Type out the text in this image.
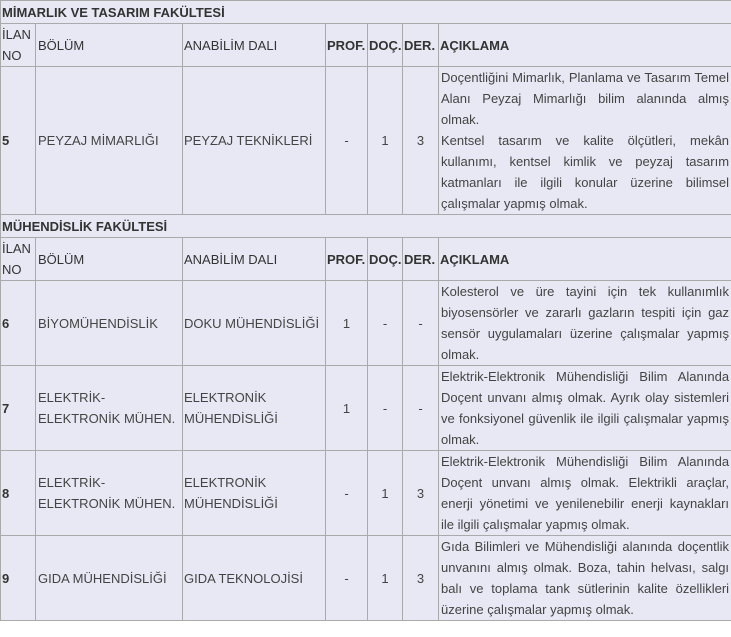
MİMARLIK VE TASARIM FAKÜLTESİ						
İLAN NO	BÖLÜM	ANABİLİM DALI	PROF.	DOÇ.	DER.	AÇIKLAMA
5	PEYZAJ MİMARLIĞI	PEYZAJ TEKNİKLERİ	-	1	3	Doçentliğini Mimarlık, Planlama ve Tasarım Temel Alanı Peyzaj Mimarlığı bilim alanında almış olmak.

Kentsel tasarım ve kalite ölçütleri, mekân kullanımı, kentsel kimlik ve peyzaj tasarım katmanları ile ilgili konular üzerine bilimsel çalışmalar yapmış olmak.

MÜHENDİSLİK FAKÜLTESİ						
İLAN NO	BÖLÜM	ANABİLİM DALI	PROF.	DOÇ.	DER.	AÇIKLAMA
6	BİYOMÜHENDİSLİK	DOKU MÜHENDİSLİĞİ	1	-	-	Kolesterol ve üre tayini için tek kullanımlık biyosensörler ve zararlı gazların tespiti için gaz sensör uygulamaları üzerine çalışmalar yapmış olmak.

7	ELEKTRİK-ELEKTRONİK MÜHEN.	ELEKTRONİK MÜHENDİSLİĞİ	1	-	-	Elektrik-Elektronik Mühendisliği Bilim Alanında Doçent unvanı almış olmak. Ayrık olay sistemleri ve fonksiyonel güvenlik ile ilgili çalışmalar yapmış olmak.

8	ELEKTRİK-ELEKTRONİK MÜHEN.	ELEKTRONİK MÜHENDİSLİĞİ	-	1	3	Elektrik-Elektronik Mühendisliği Bilim Alanında Doçent unvanı almış olmak. Elektrikli araçlar, enerji yönetimi ve yenilenebilir enerji kaynakları ile ilgili çalışmalar yapmış olmak.

9	GIDA MÜHENDİSLİĞİ	GIDA TEKNOLOJİSİ	-	1	3	Gıda Bilimleri ve Mühendisliği alanında doçentlik unvanını almış olmak. Boza, tahin helvası, salgı balı ve toplama tank sütlerinin kalite özellikleri üzerine çalışmalar yapmış olmak.
